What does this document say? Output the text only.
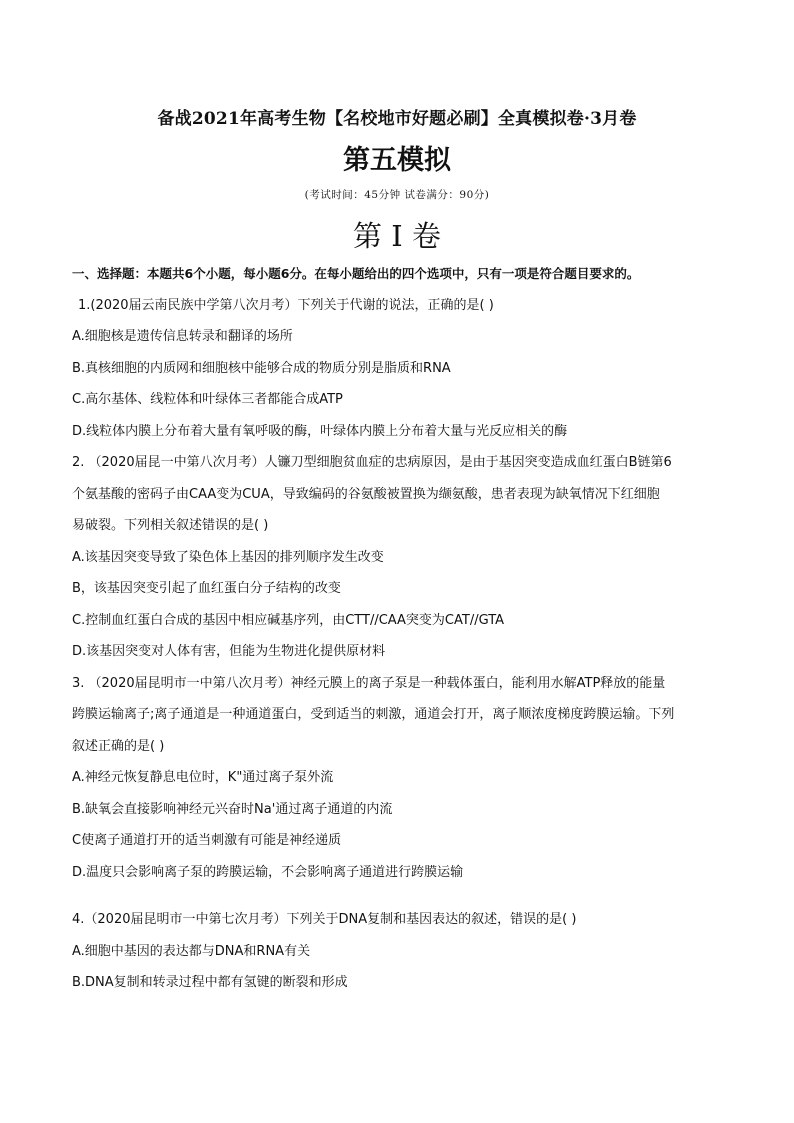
备战2021年高考生物【名校地市好题必刷】全真模拟卷·3月卷
第五模拟
(考试时间：45分钟 试卷满分：90分)
第 I 卷
一、选择题：本题共6个小题，每小题6分。在每小题给出的四个选项中，只有一项是符合题目要求的。
1.(2020届云南民族中学第八次月考）下列关于代谢的说法，正确的是( )
A.细胞核是遗传信息转录和翻译的场所
B.真核细胞的内质网和细胞核中能够合成的物质分别是脂质和RNA
C.高尔基体、线粒体和叶绿体三者都能合成ATP
D.线粒体内膜上分布着大量有氧呼吸的酶，叶绿体内膜上分布着大量与光反应相关的酶
2. （2020届昆一中第八次月考）人镰刀型细胞贫血症的忠病原因，是由于基因突变造成血红蛋白B链第6
个氨基酸的密码子由CAA变为CUA，导致编码的谷氨酸被置换为缬氨酸，患者表现为缺氧情况下红细胞
易破裂。下列相关叙述错误的是( )
A.该基因突变导致了染色体上基因的排列顺序发生改变
B，该基因突变引起了血红蛋白分子结构的改变
C.控制血红蛋白合成的基因中相应碱基序列，由CTT//CAA突变为CAT//GTA
D.该基因突变对人体有害，但能为生物进化提供原材料
3. （2020届昆明市一中第八次月考）神经元膜上的离子泵是一种载体蛋白，能利用水解ATP释放的能量
跨膜运输离子;离子通道是一种通道蛋白，受到适当的刺激，通道会打开，离子顺浓度梯度跨膜运输。下列
叙述正确的是( )
A.神经元恢复静息电位时，K"通过离子泵外流
B.缺氧会直接影响神经元兴奋时Na'通过离子通道的内流
C使离子通道打开的适当刺激有可能是神经递质
D.温度只会影响离子泵的跨膜运输，不会影响离子通道进行跨膜运输
4.（2020届昆明市一中第七次月考）下列关于DNA复制和基因表达的叙述，错误的是( )
A.细胞中基因的表达都与DNA和RNA有关
B.DNA复制和转录过程中都有氢键的断裂和形成
